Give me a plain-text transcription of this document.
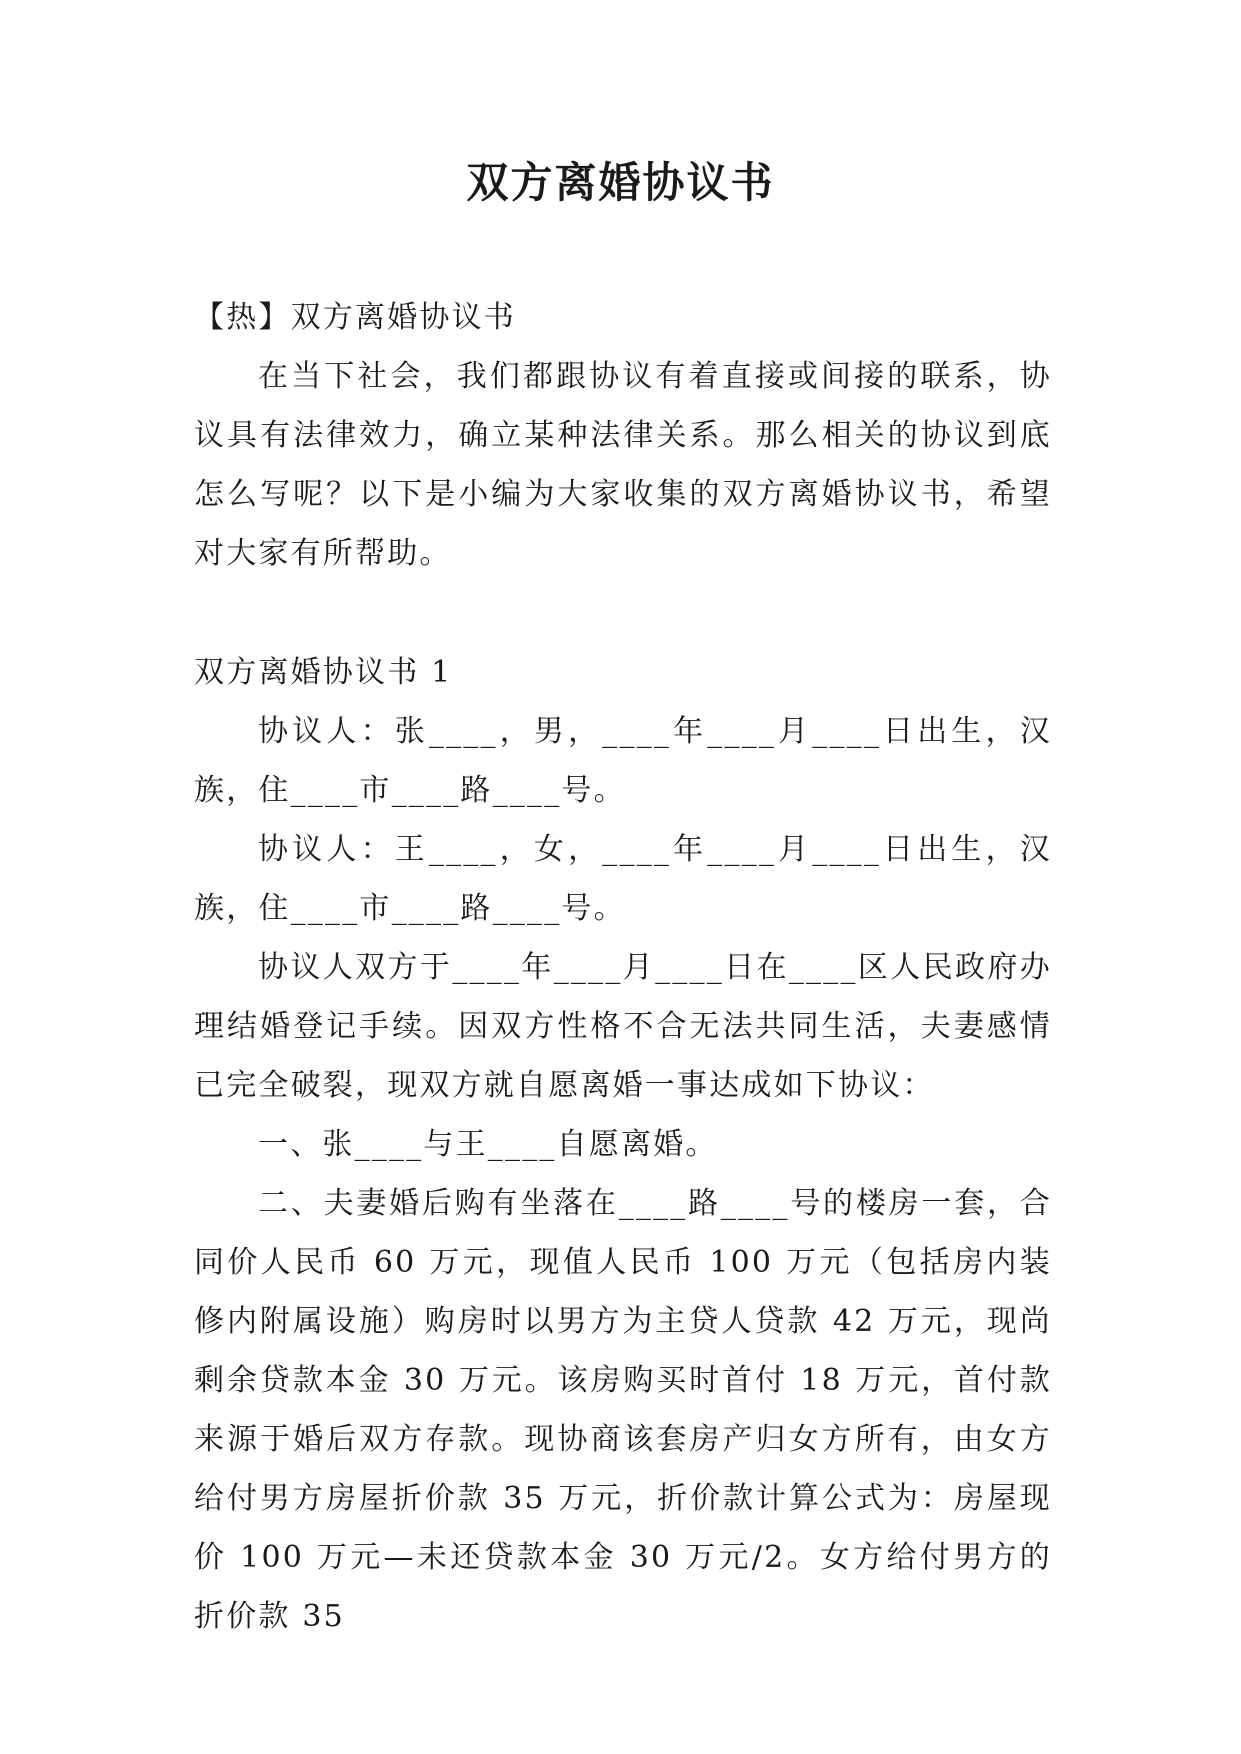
双方离婚协议书

【热】双方离婚协议书

在当下社会，我们都跟协议有着直接或间接的联系，协议具有法律效力，确立某种法律关系。那么相关的协议到底怎么写呢？以下是小编为大家收集的双方离婚协议书，希望对大家有所帮助。

双方离婚协议书 1

协议人：张____，男，____年____月____日出生，汉族，住____市____路____号。

协议人：王____，女，____年____月____日出生，汉族，住____市____路____号。

协议人双方于____年____月____日在____区人民政府办理结婚登记手续。因双方性格不合无法共同生活，夫妻感情已完全破裂，现双方就自愿离婚一事达成如下协议：

一、张____与王____自愿离婚。

二、夫妻婚后购有坐落在____路____号的楼房一套，合同价人民币 60 万元，现值人民币 100 万元（包括房内装修内附属设施）购房时以男方为主贷人贷款 42 万元，现尚剩余贷款本金 30 万元。该房购买时首付 18 万元，首付款来源于婚后双方存款。现协商该套房产归女方所有，由女方给付男方房屋折价款 35 万元，折价款计算公式为：房屋现价 100 万元—未还贷款本金 30 万元/2。女方给付男方的折价款 35
